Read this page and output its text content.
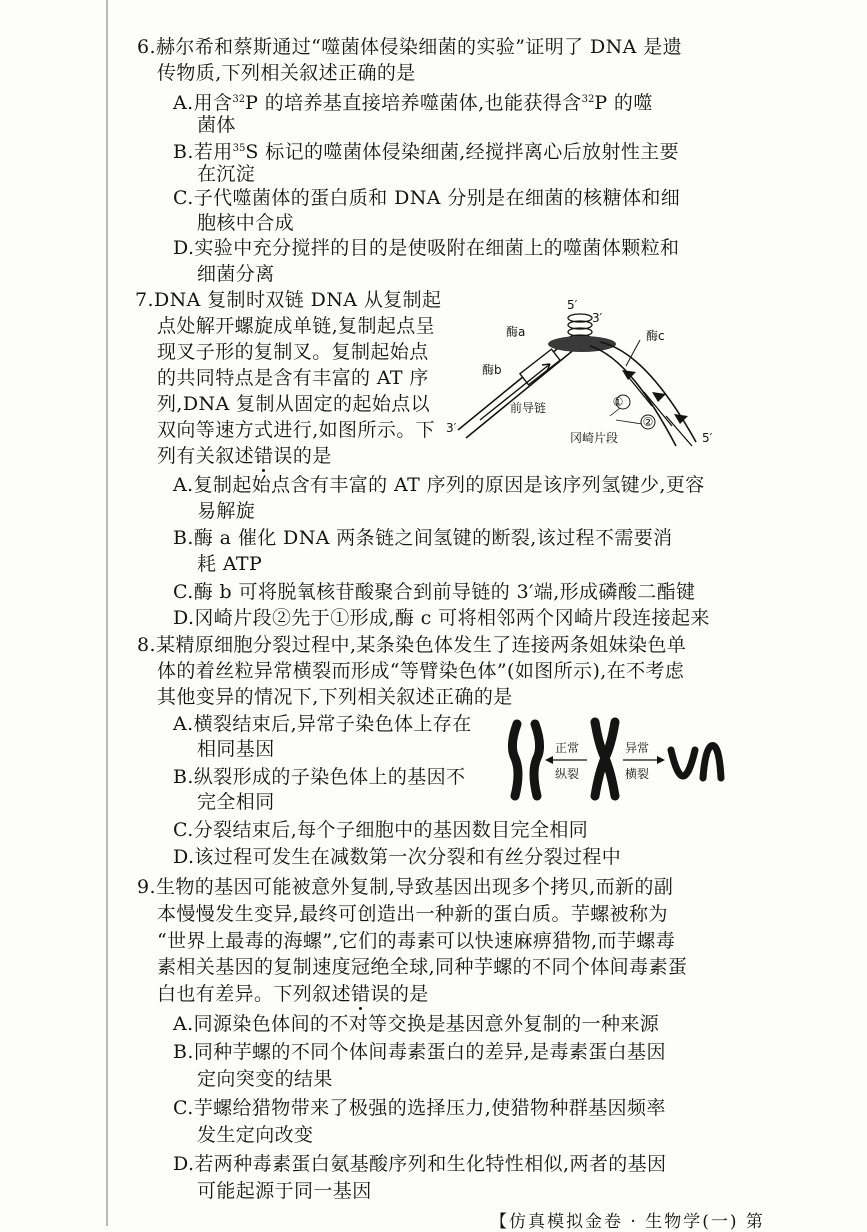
6.赫尔希和蔡斯通过“噬菌体侵染细菌的实验”证明了 DNA 是遗
传物质,下列相关叙述正确的是
A.用含$^{32}$P 的培养基直接培养噬菌体,也能获得含$^{32}$P 的噬
菌体
B.若用$^{35}$S 标记的噬菌体侵染细菌,经搅拌离心后放射性主要
在沉淀
C.子代噬菌体的蛋白质和 DNA 分别是在细菌的核糖体和细
胞核中合成
D.实验中充分搅拌的目的是使吸附在细菌上的噬菌体颗粒和
细菌分离
7.DNA 复制时双链 DNA 从复制起
点处解开螺旋成单链,复制起点呈
现叉子形的复制叉。复制起始点
的共同特点是含有丰富的 AT 序
列,DNA 复制从固定的起始点以
双向等速方式进行,如图所示。下
列有关叙述错误的是
5′
3′
酶a	酶c
酶b
前导链	①
②
冈崎片段
3′
5′
A.复制起始点含有丰富的 AT 序列的原因是该序列氢键少,更容
易解旋
B.酶 a 催化 DNA 两条链之间氢键的断裂,该过程不需要消
耗 ATP
C.酶 b 可将脱氧核苷酸聚合到前导链的 3′端,形成磷酸二酯键
D.冈崎片段②先于①形成,酶 c 可将相邻两个冈崎片段连接起来
8.某精原细胞分裂过程中,某条染色体发生了连接两条姐妹染色单
体的着丝粒异常横裂而形成“等臂染色体”(如图所示),在不考虑
其他变异的情况下,下列相关叙述正确的是
正常
纵裂
异常
横裂
A.横裂结束后,异常子染色体上存在
相同基因
B.纵裂形成的子染色体上的基因不
完全相同
C.分裂结束后,每个子细胞中的基因数目完全相同
D.该过程可发生在减数第一次分裂和有丝分裂过程中
9.生物的基因可能被意外复制,导致基因出现多个拷贝,而新的副
本慢慢发生变异,最终可创造出一种新的蛋白质。芋螺被称为
“世界上最毒的海螺”,它们的毒素可以快速麻痹猎物,而芋螺毒
素相关基因的复制速度冠绝全球,同种芋螺的不同个体间毒素蛋
白也有差异。下列叙述错误的是
A.同源染色体间的不对等交换是基因意外复制的一种来源
B.同种芋螺的不同个体间毒素蛋白的差异,是毒素蛋白基因
定向突变的结果
C.芋螺给猎物带来了极强的选择压力,使猎物种群基因频率
发生定向改变
D.若两种毒素蛋白氨基酸序列和生化特性相似,两者的基因
可能起源于同一基因
【仿真模拟金卷 · 生物学(一) 第
